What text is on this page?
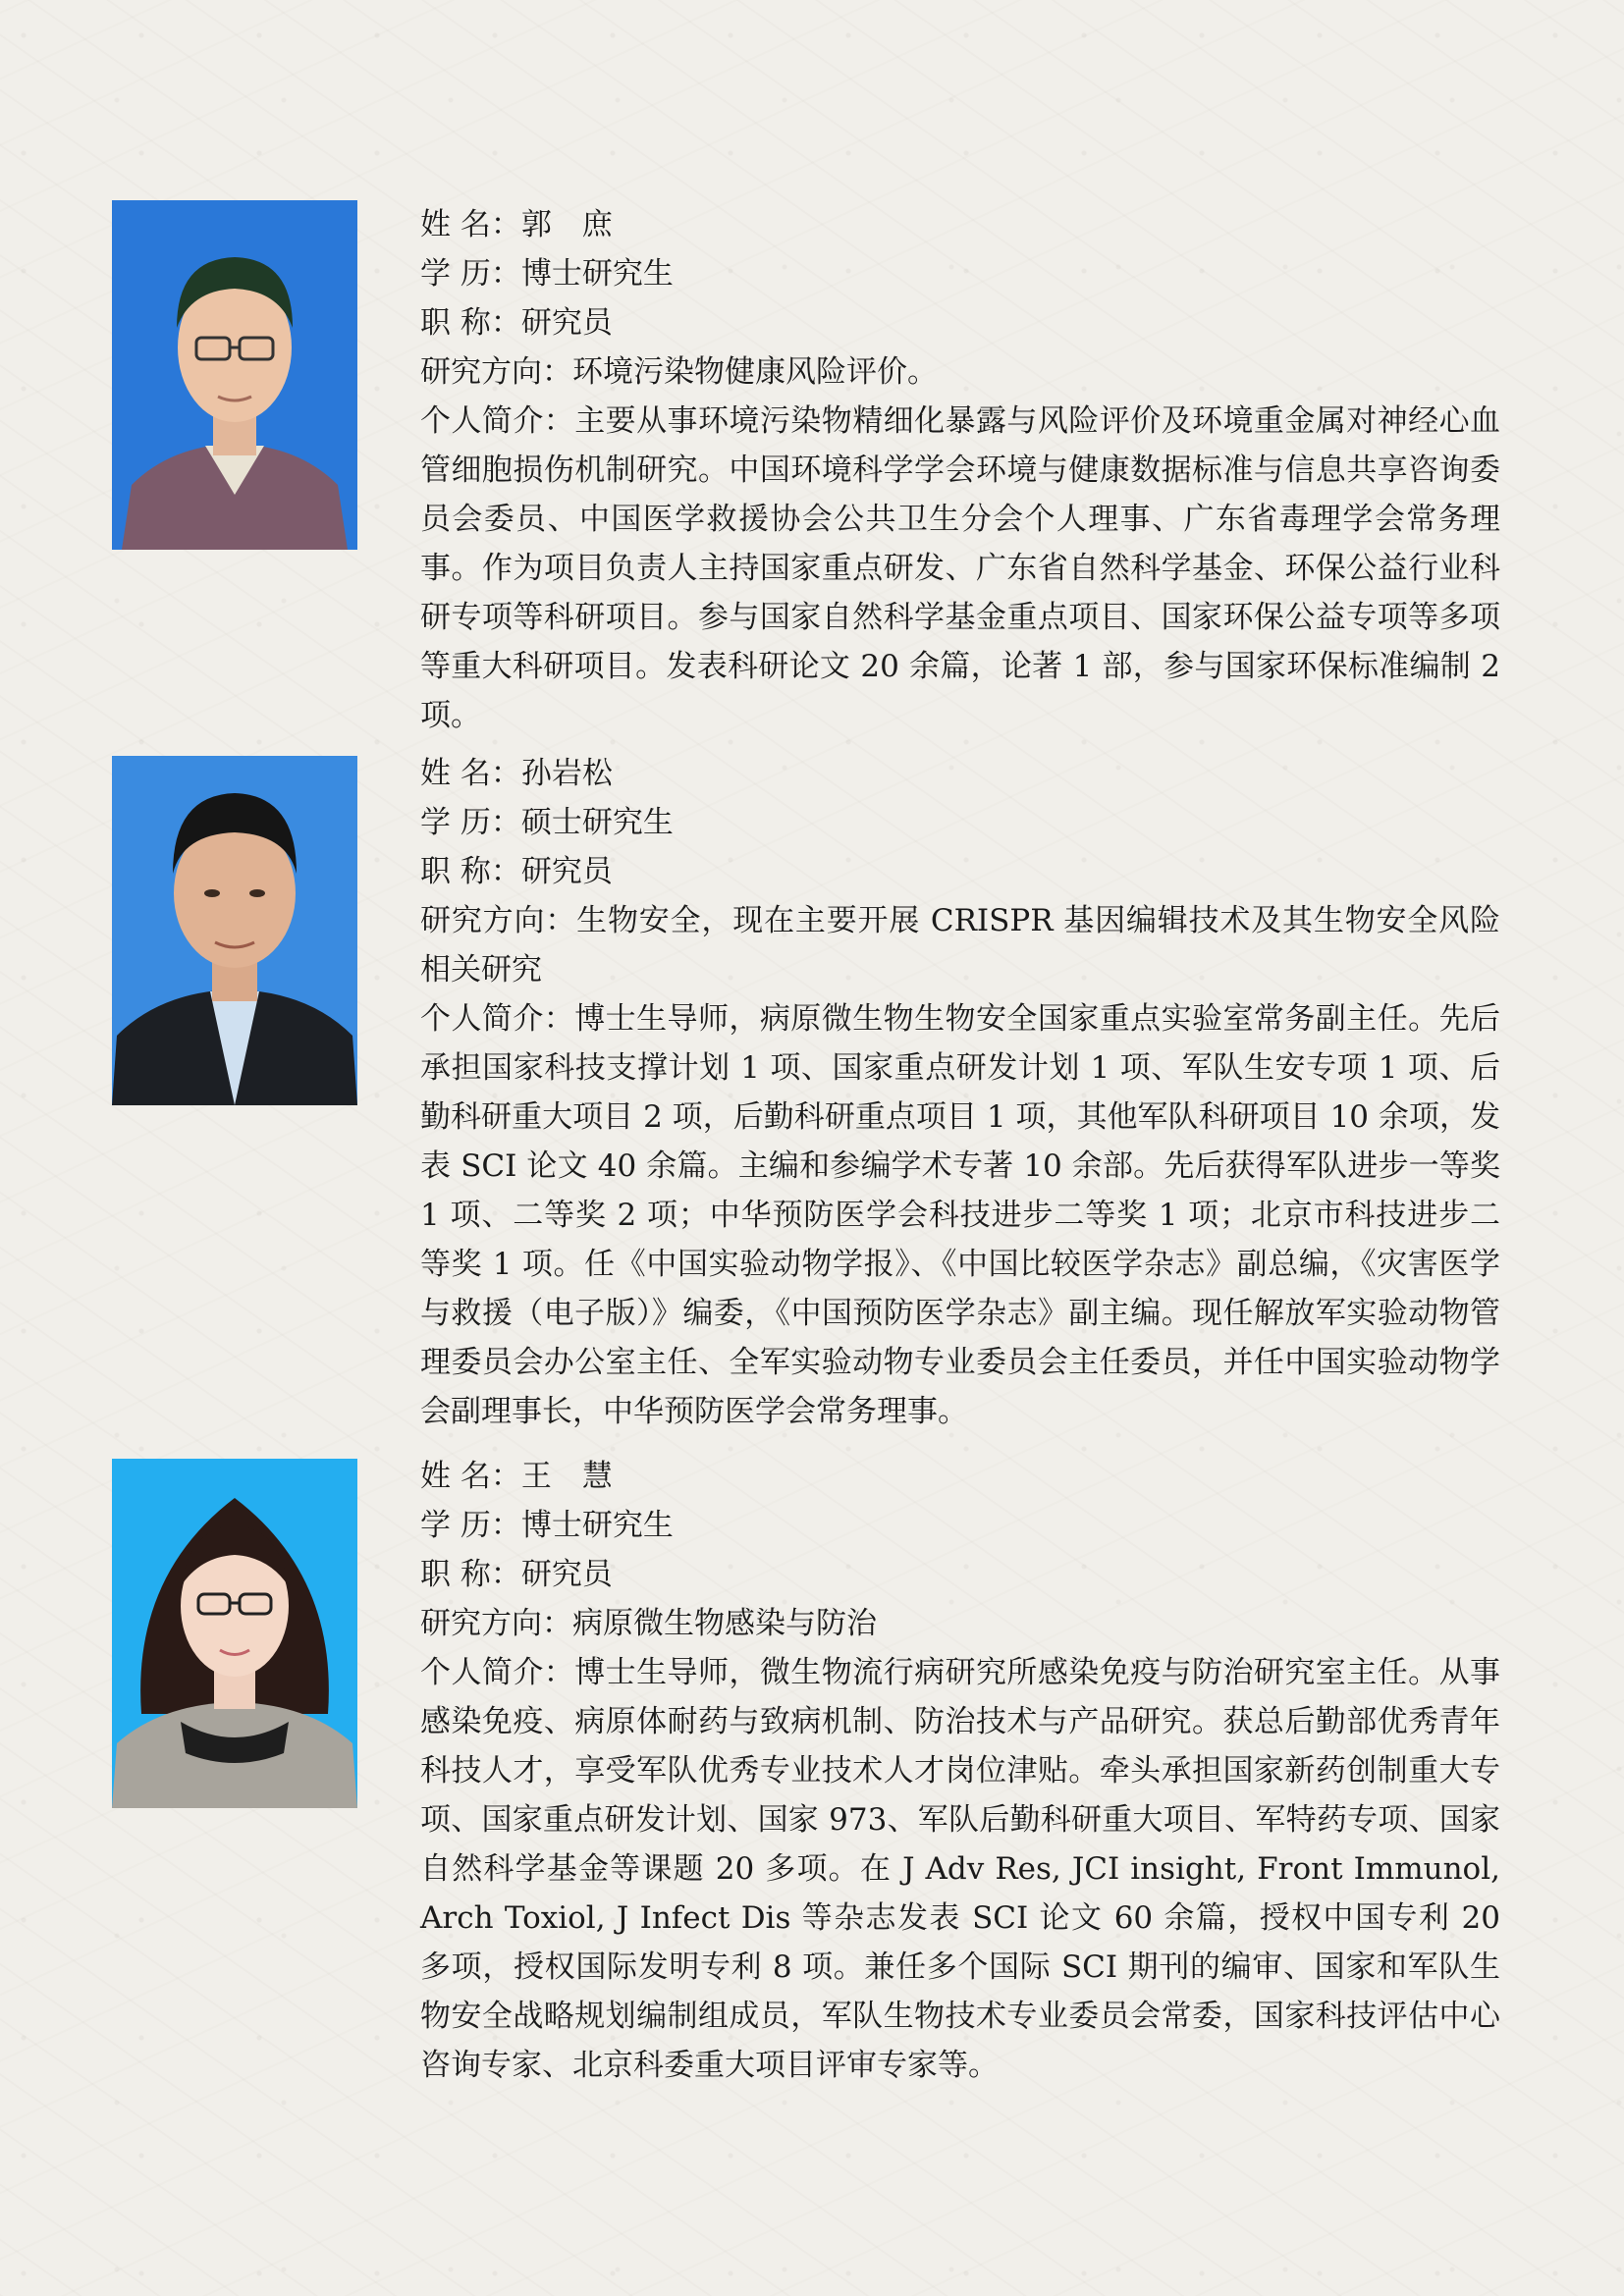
姓 名：郭　庶
学 历：博士研究生
职 称：研究员
研究方向：环境污染物健康风险评价。
个人简介：主要从事环境污染物精细化暴露与风险评价及环境重金属对神经心血管细胞损伤机制研究。中国环境科学学会环境与健康数据标准与信息共享咨询委员会委员、中国医学救援协会公共卫生分会个人理事、广东省毒理学会常务理事。作为项目负责人主持国家重点研发、广东省自然科学基金、环保公益行业科研专项等科研项目。参与国家自然科学基金重点项目、国家环保公益专项等多项等重大科研项目。发表科研论文 20 余篇，论著 1 部，参与国家环保标准编制 2 项。
姓 名：孙岩松
学 历：硕士研究生
职 称：研究员
研究方向：生物安全，现在主要开展 CRISPR 基因编辑技术及其生物安全风险相关研究
个人简介：博士生导师，病原微生物生物安全国家重点实验室常务副主任。先后承担国家科技支撑计划 1 项、国家重点研发计划 1 项、军队生安专项 1 项、后勤科研重大项目 2 项，后勤科研重点项目 1 项，其他军队科研项目 10 余项，发表 SCI 论文 40 余篇。主编和参编学术专著 10 余部。先后获得军队进步一等奖 1 项、二等奖 2 项；中华预防医学会科技进步二等奖 1 项；北京市科技进步二等奖 1 项。任《中国实验动物学报》、《中国比较医学杂志》副总编，《灾害医学与救援（电子版）》编委，《中国预防医学杂志》副主编。现任解放军实验动物管理委员会办公室主任、全军实验动物专业委员会主任委员，并任中国实验动物学会副理事长，中华预防医学会常务理事。
姓 名：王　慧
学 历：博士研究生
职 称：研究员
研究方向：病原微生物感染与防治
个人简介：博士生导师，微生物流行病研究所感染免疫与防治研究室主任。从事感染免疫、病原体耐药与致病机制、防治技术与产品研究。获总后勤部优秀青年科技人才，享受军队优秀专业技术人才岗位津贴。牵头承担国家新药创制重大专项、国家重点研发计划、国家 973、军队后勤科研重大项目、军特药专项、国家自然科学基金等课题 20 多项。在 J Adv Res, JCI insight, Front Immunol, Arch Toxiol, J Infect Dis 等杂志发表 SCI 论文 60 余篇，授权中国专利 20 多项，授权国际发明专利 8 项。兼任多个国际 SCI 期刊的编审、国家和军队生物安全战略规划编制组成员，军队生物技术专业委员会常委，国家科技评估中心咨询专家、北京科委重大项目评审专家等。
